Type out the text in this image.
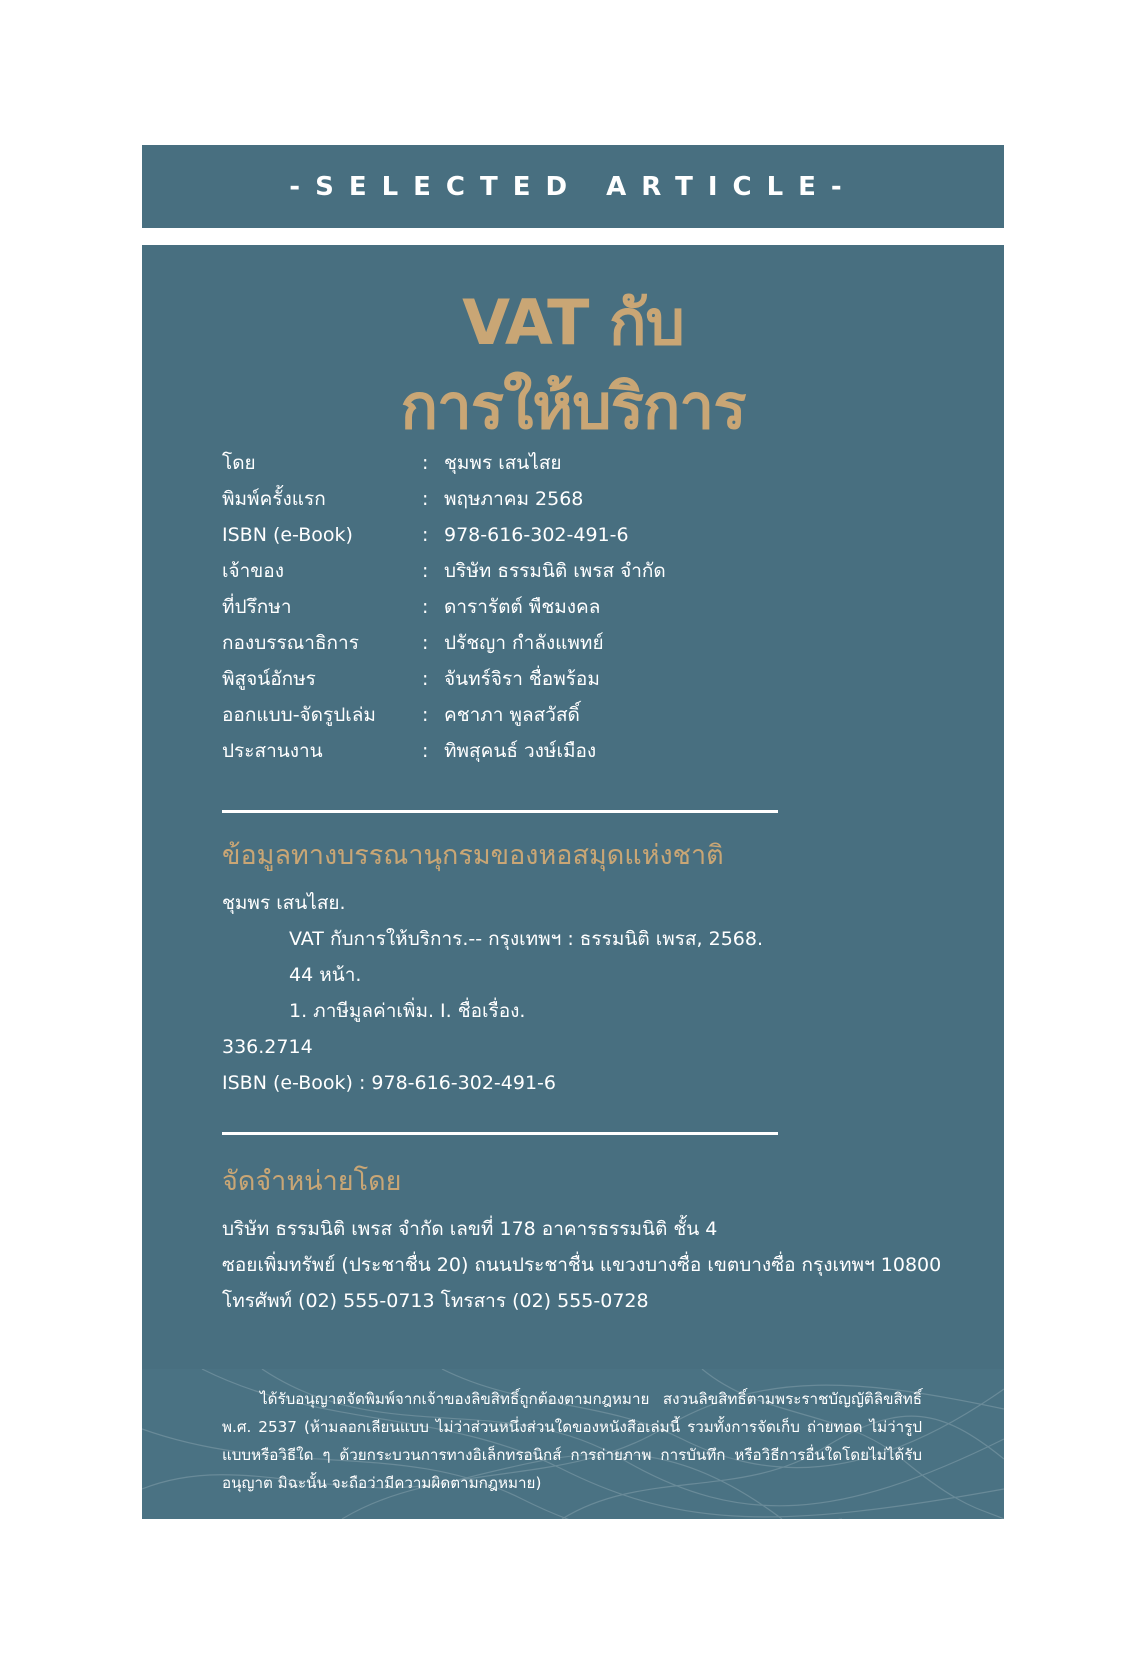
-SELECTED ARTICLE-
VAT กับ
การให้บริการ
โดย	: ชุมพร เสนไสย
พิมพ์ครั้งแรก	: พฤษภาคม 2568
ISBN (e-Book)	: 978-616-302-491-6
เจ้าของ	: บริษัท ธรรมนิติ เพรส จำกัด
ที่ปรึกษา	: ดารารัตต์ พืชมงคล
กองบรรณาธิการ	: ปรัชญา กำลังแพทย์
พิสูจน์อักษร	: จันทร์จิรา ชื่อพร้อม
ออกแบบ-จัดรูปเล่ม : คชาภา พูลสวัสดิ์
ประสานงาน	: ทิพสุคนธ์ วงษ์เมือง
ข้อมูลทางบรรณานุกรมของหอสมุดแห่งชาติ
ชุมพร เสนไสย.
VAT กับการให้บริการ.-- กรุงเทพฯ : ธรรมนิติ เพรส, 2568.
44 หน้า.
1. ภาษีมูลค่าเพิ่ม. I. ชื่อเรื่อง.
336.2714
ISBN (e-Book) : 978-616-302-491-6
จัดจำหน่ายโดย
บริษัท ธรรมนิติ เพรส จำกัด เลขที่ 178 อาคารธรรมนิติ ชั้น 4
ซอยเพิ่มทรัพย์ (ประชาชื่น 20) ถนนประชาชื่น แขวงบางซื่อ เขตบางซื่อ กรุงเทพฯ 10800
โทรศัพท์ (02) 555-0713 โทรสาร (02) 555-0728
ได้รับอนุญาตจัดพิมพ์จากเจ้าของลิขสิทธิ์ถูกต้องตามกฎหมาย สงวนลิขสิทธิ์ตามพระราชบัญญัติลิขสิทธิ์ พ.ศ. 2537 (ห้ามลอกเลียนแบบ ไม่ว่าส่วนหนึ่งส่วนใดของหนังสือเล่มนี้ รวมทั้งการจัดเก็บ ถ่ายทอด ไม่ว่ารูปแบบหรือวิธีใด ๆ ด้วยกระบวนการทางอิเล็กทรอนิกส์ การถ่ายภาพ การบันทึก หรือวิธีการอื่นใดโดยไม่ได้รับอนุญาต มิฉะนั้น จะถือว่ามีความผิดตามกฎหมาย)
